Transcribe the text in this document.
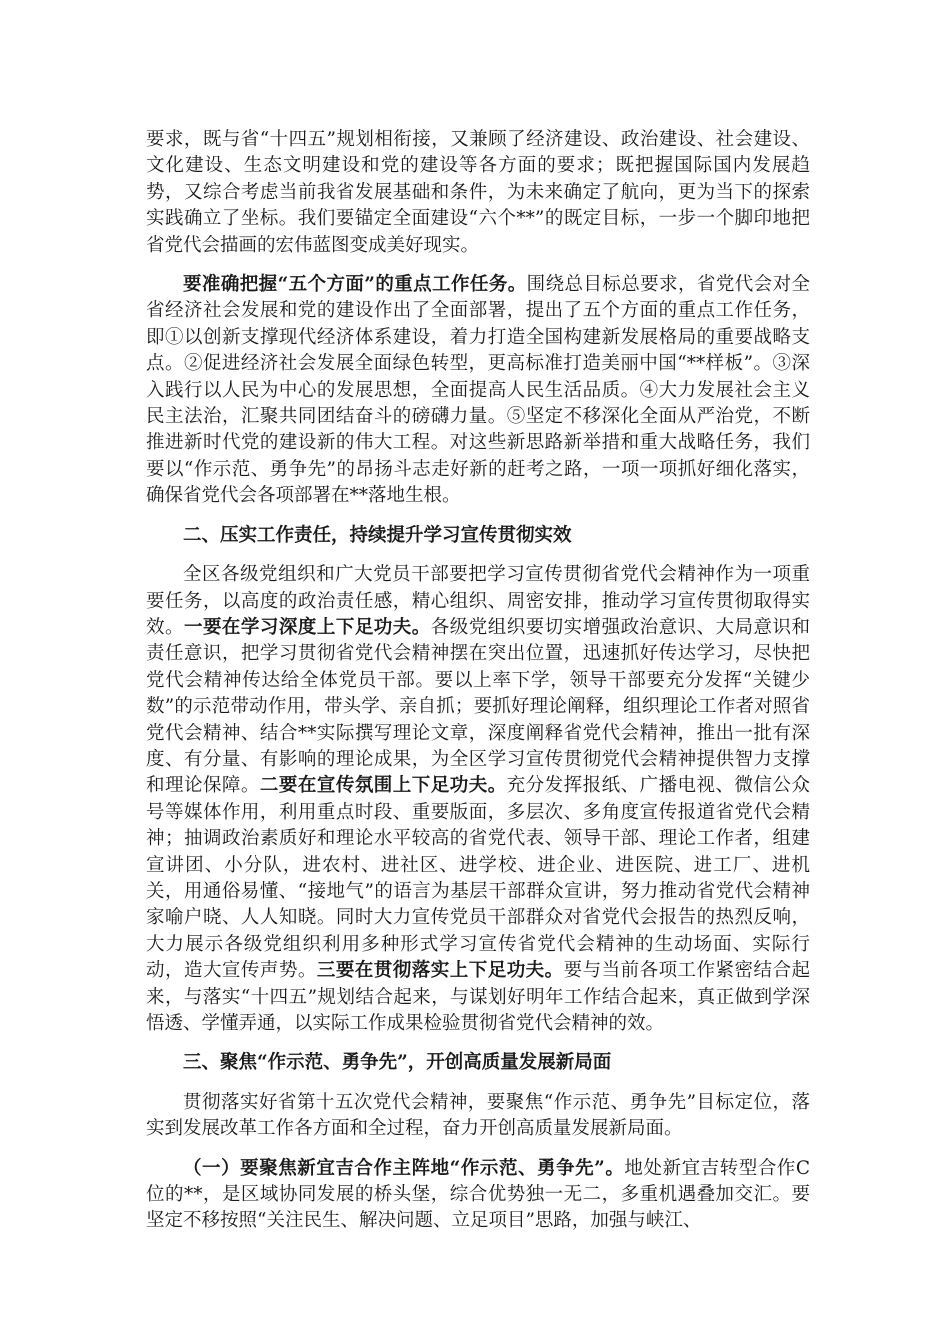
要求，既与省“十四五”规划相衔接，又兼顾了经济建设、政治建设、社会建设、文化建设、生态文明建设和党的建设等各方面的要求；既把握国际国内发展趋势，又综合考虑当前我省发展基础和条件，为未来确定了航向，更为当下的探索实践确立了坐标。我们要锚定全面建设“六个**”的既定目标，一步一个脚印地把省党代会描画的宏伟蓝图变成美好现实。

要准确把握“五个方面”的重点工作任务。围绕总目标总要求，省党代会对全省经济社会发展和党的建设作出了全面部署，提出了五个方面的重点工作任务，即①以创新支撑现代经济体系建设，着力打造全国构建新发展格局的重要战略支点。②促进经济社会发展全面绿色转型，更高标准打造美丽中国“**样板”。③深入践行以人民为中心的发展思想，全面提高人民生活品质。④大力发展社会主义民主法治，汇聚共同团结奋斗的磅礴力量。⑤坚定不移深化全面从严治党，不断推进新时代党的建设新的伟大工程。对这些新思路新举措和重大战略任务，我们要以“作示范、勇争先”的昂扬斗志走好新的赶考之路，一项一项抓好细化落实，确保省党代会各项部署在**落地生根。

二、压实工作责任，持续提升学习宣传贯彻实效

全区各级党组织和广大党员干部要把学习宣传贯彻省党代会精神作为一项重要任务，以高度的政治责任感，精心组织、周密安排，推动学习宣传贯彻取得实效。一要在学习深度上下足功夫。各级党组织要切实增强政治意识、大局意识和责任意识，把学习贯彻省党代会精神摆在突出位置，迅速抓好传达学习，尽快把党代会精神传达给全体党员干部。要以上率下学，领导干部要充分发挥“关键少数”的示范带动作用，带头学、亲自抓；要抓好理论阐释，组织理论工作者对照省党代会精神、结合**实际撰写理论文章，深度阐释省党代会精神，推出一批有深度、有分量、有影响的理论成果，为全区学习宣传贯彻党代会精神提供智力支撑和理论保障。二要在宣传氛围上下足功夫。充分发挥报纸、广播电视、微信公众号等媒体作用，利用重点时段、重要版面，多层次、多角度宣传报道省党代会精神；抽调政治素质好和理论水平较高的省党代表、领导干部、理论工作者，组建宣讲团、小分队，进农村、进社区、进学校、进企业、进医院、进工厂、进机关，用通俗易懂、“接地气”的语言为基层干部群众宣讲，努力推动省党代会精神家喻户晓、人人知晓。同时大力宣传党员干部群众对省党代会报告的热烈反响，大力展示各级党组织利用多种形式学习宣传省党代会精神的生动场面、实际行动，造大宣传声势。三要在贯彻落实上下足功夫。要与当前各项工作紧密结合起来，与落实“十四五”规划结合起来，与谋划好明年工作结合起来，真正做到学深悟透、学懂弄通，以实际工作成果检验贯彻省党代会精神的效。

三、聚焦“作示范、勇争先”，开创高质量发展新局面

贯彻落实好省第十五次党代会精神，要聚焦“作示范、勇争先”目标定位，落实到发展改革工作各方面和全过程，奋力开创高质量发展新局面。

（一）要聚焦新宜吉合作主阵地“作示范、勇争先”。地处新宜吉转型合作C位的**，是区域协同发展的桥头堡，综合优势独一无二，多重机遇叠加交汇。要坚定不移按照“关注民生、解决问题、立足项目”思路，加强与峡江、
